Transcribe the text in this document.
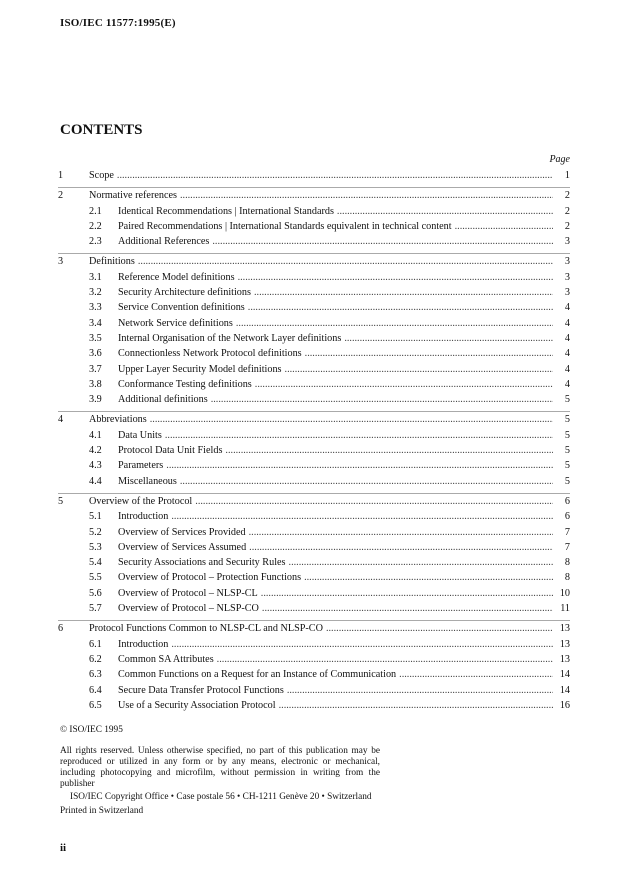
ISO/IEC 11577:1995(E)
CONTENTS
Page
1	Scope .....	1
2	Normative references .....	2
2.1	Identical Recommendations | International Standards .....	2
2.2	Paired Recommendations | International Standards equivalent in technical content .....	2
2.3	Additional References .....	3
3	Definitions .....	3
3.1	Reference Model definitions .....	3
3.2	Security Architecture definitions .....	3
3.3	Service Convention definitions .....	4
3.4	Network Service definitions .....	4
3.5	Internal Organisation of the Network Layer definitions .....	4
3.6	Connectionless Network Protocol definitions .....	4
3.7	Upper Layer Security Model definitions .....	4
3.8	Conformance Testing definitions .....	4
3.9	Additional definitions .....	5
4	Abbreviations .....	5
4.1	Data Units .....	5
4.2	Protocol Data Unit Fields .....	5
4.3	Parameters .....	5
4.4	Miscellaneous .....	5
5	Overview of the Protocol .....	6
5.1	Introduction .....	6
5.2	Overview of Services Provided .....	7
5.3	Overview of Services Assumed .....	7
5.4	Security Associations and Security Rules .....	8
5.5	Overview of Protocol – Protection Functions .....	8
5.6	Overview of Protocol – NLSP-CL .....	10
5.7	Overview of Protocol – NLSP-CO .....	11
6	Protocol Functions Common to NLSP-CL and NLSP-CO .....	13
6.1	Introduction .....	13
6.2	Common SA Attributes .....	13
6.3	Common Functions on a Request for an Instance of Communication .....	14
6.4	Secure Data Transfer Protocol Functions .....	14
6.5	Use of a Security Association Protocol .....	16

© ISO/IEC 1995

All rights reserved. Unless otherwise specified, no part of this publication may be reproduced or utilized in any form or by any means, electronic or mechanical, including photocopying and microfilm, without permission in writing from the publisher

ISO/IEC Copyright Office • Case postale 56 • CH-1211 Genève 20 • Switzerland

Printed in Switzerland

ii
